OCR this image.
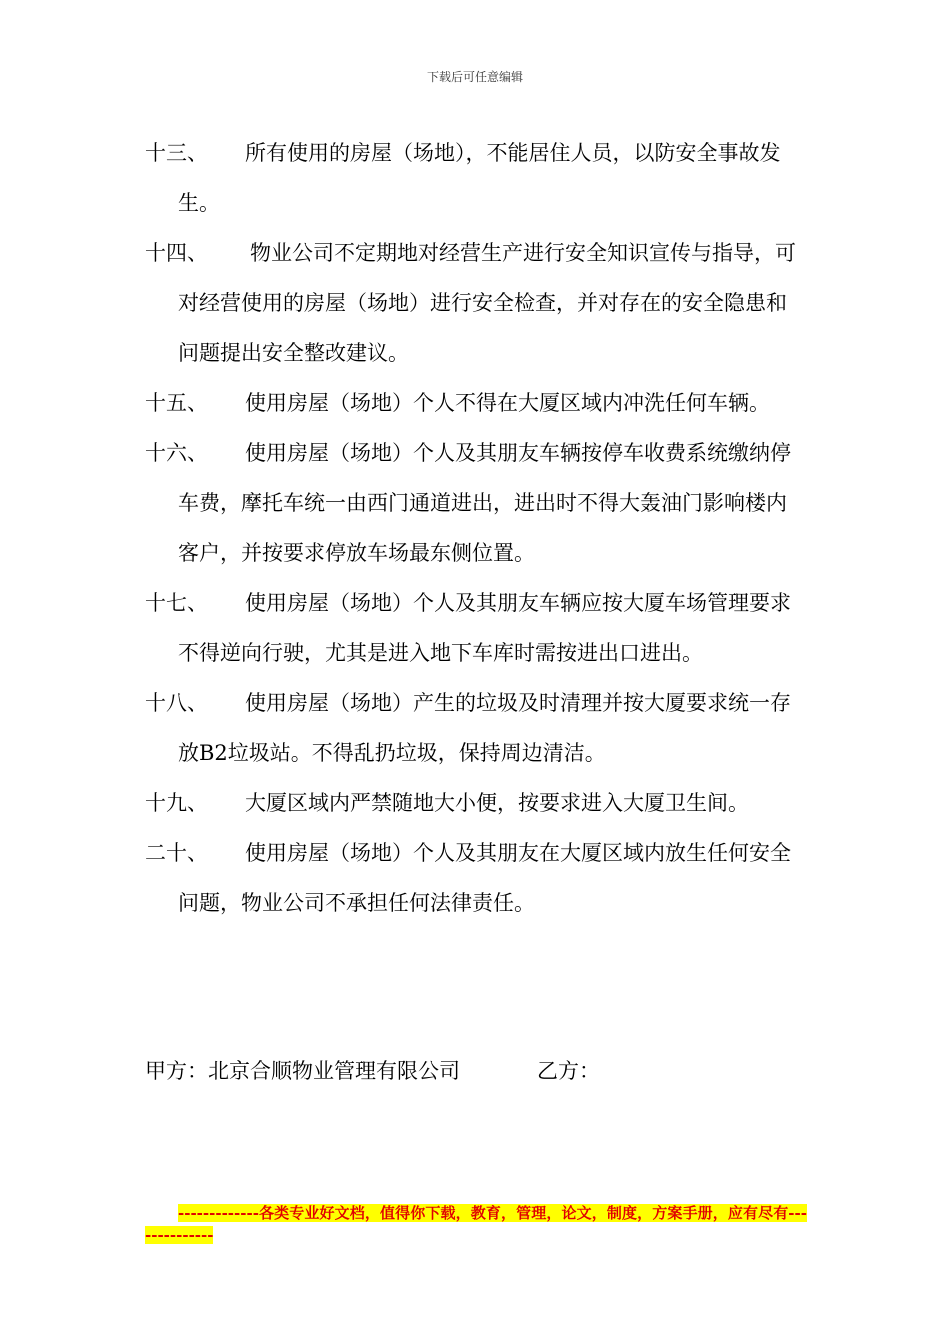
下载后可任意编辑
十三、	所有使用的房屋（场地），不能居住人员，以防安全事故发生。
十四、	物业公司不定期地对经营生产进行安全知识宣传与指导，可对经营使用的房屋（场地）进行安全检查，并对存在的安全隐患和问题提出安全整改建议。
十五、	使用房屋（场地）个人不得在大厦区域内冲洗任何车辆。
十六、	使用房屋（场地）个人及其朋友车辆按停车收费系统缴纳停车费，摩托车统一由西门通道进出，进出时不得大轰油门影响楼内客户，并按要求停放车场最东侧位置。
十七、	使用房屋（场地）个人及其朋友车辆应按大厦车场管理要求不得逆向行驶，尤其是进入地下车库时需按进出口进出。
十八、	使用房屋（场地）产生的垃圾及时清理并按大厦要求统一存放B2垃圾站。不得乱扔垃圾，保持周边清洁。
十九、	大厦区域内严禁随地大小便，按要求进入大厦卫生间。
二十、	使用房屋（场地）个人及其朋友在大厦区域内放生任何安全问题，物业公司不承担任何法律责任。
甲方：北京合顺物业管理有限公司	乙方：
-------------各类专业好文档，值得你下载，教育，管理，论文，制度，方案手册，应有尽有--------------
